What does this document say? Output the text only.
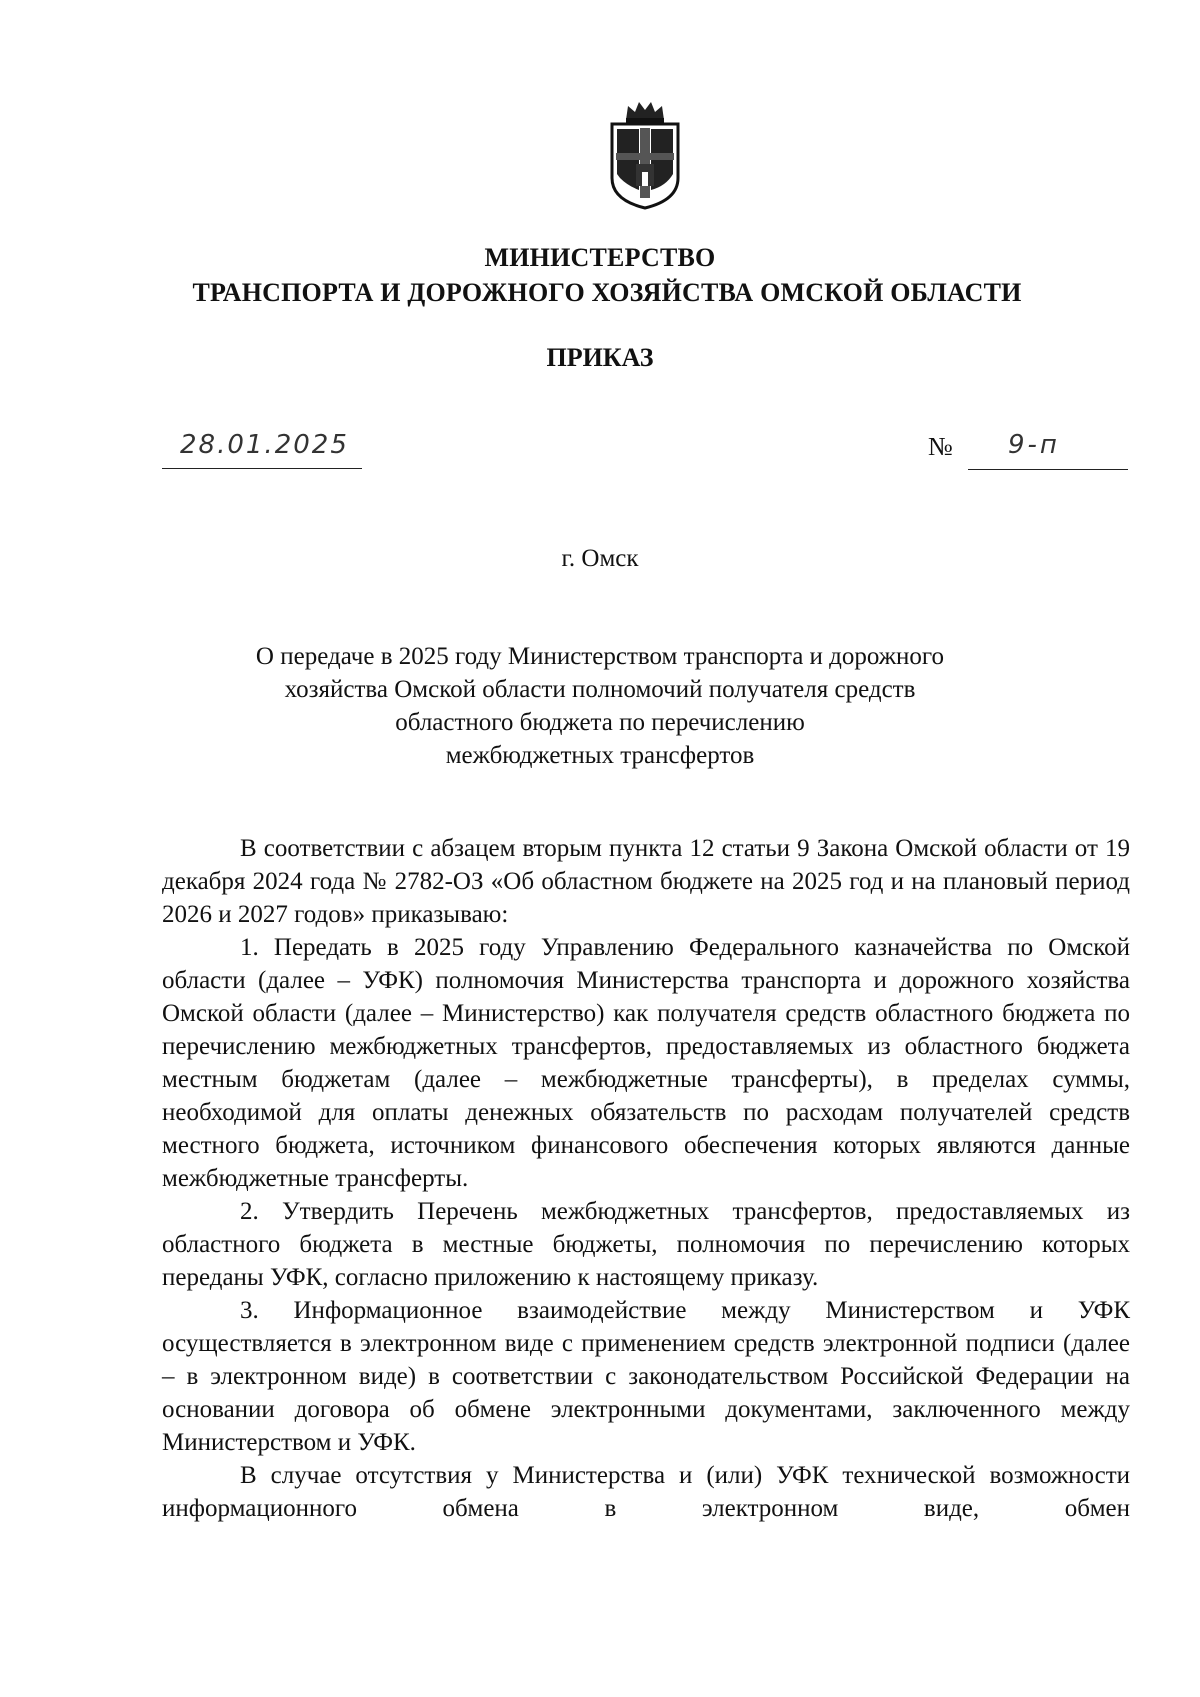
МИНИСТЕРСТВО
ТРАНСПОРТА И ДОРОЖНОГО ХОЗЯЙСТВА ОМСКОЙ ОБЛАСТИ
ПРИКАЗ
28.01.2025	№ 9-п
г. Омск
О передаче в 2025 году Министерством транспорта и дорожного
хозяйства Омской области полномочий получателя средств
областного бюджета по перечислению
межбюджетных трансфертов

В соответствии с абзацем вторым пункта 12 статьи 9 Закона Омской области от 19 декабря 2024 года № 2782-ОЗ «Об областном бюджете на 2025 год и на плановый период 2026 и 2027 годов» приказываю:

1. Передать в 2025 году Управлению Федерального казначейства по Омской области (далее – УФК) полномочия Министерства транспорта и дорожного хозяйства Омской области (далее – Министерство) как получателя средств областного бюджета по перечислению межбюджетных трансфертов, предоставляемых из областного бюджета местным бюджетам (далее – межбюджетные трансферты), в пределах суммы, необходимой для оплаты денежных обязательств по расходам получателей средств местного бюджета, источником финансового обеспечения которых являются данные межбюджетные трансферты.

2. Утвердить Перечень межбюджетных трансфертов, предоставляемых из областного бюджета в местные бюджеты, полномочия по перечислению которых переданы УФК, согласно приложению к настоящему приказу.

3. Информационное взаимодействие между Министерством и УФК осуществляется в электронном виде с применением средств электронной подписи (далее – в электронном виде) в соответствии с законодательством Российской Федерации на основании договора об обмене электронными документами, заключенного между Министерством и УФК.

В случае отсутствия у Министерства и (или) УФК технической возможности информационного обмена в электронном виде, обмен
